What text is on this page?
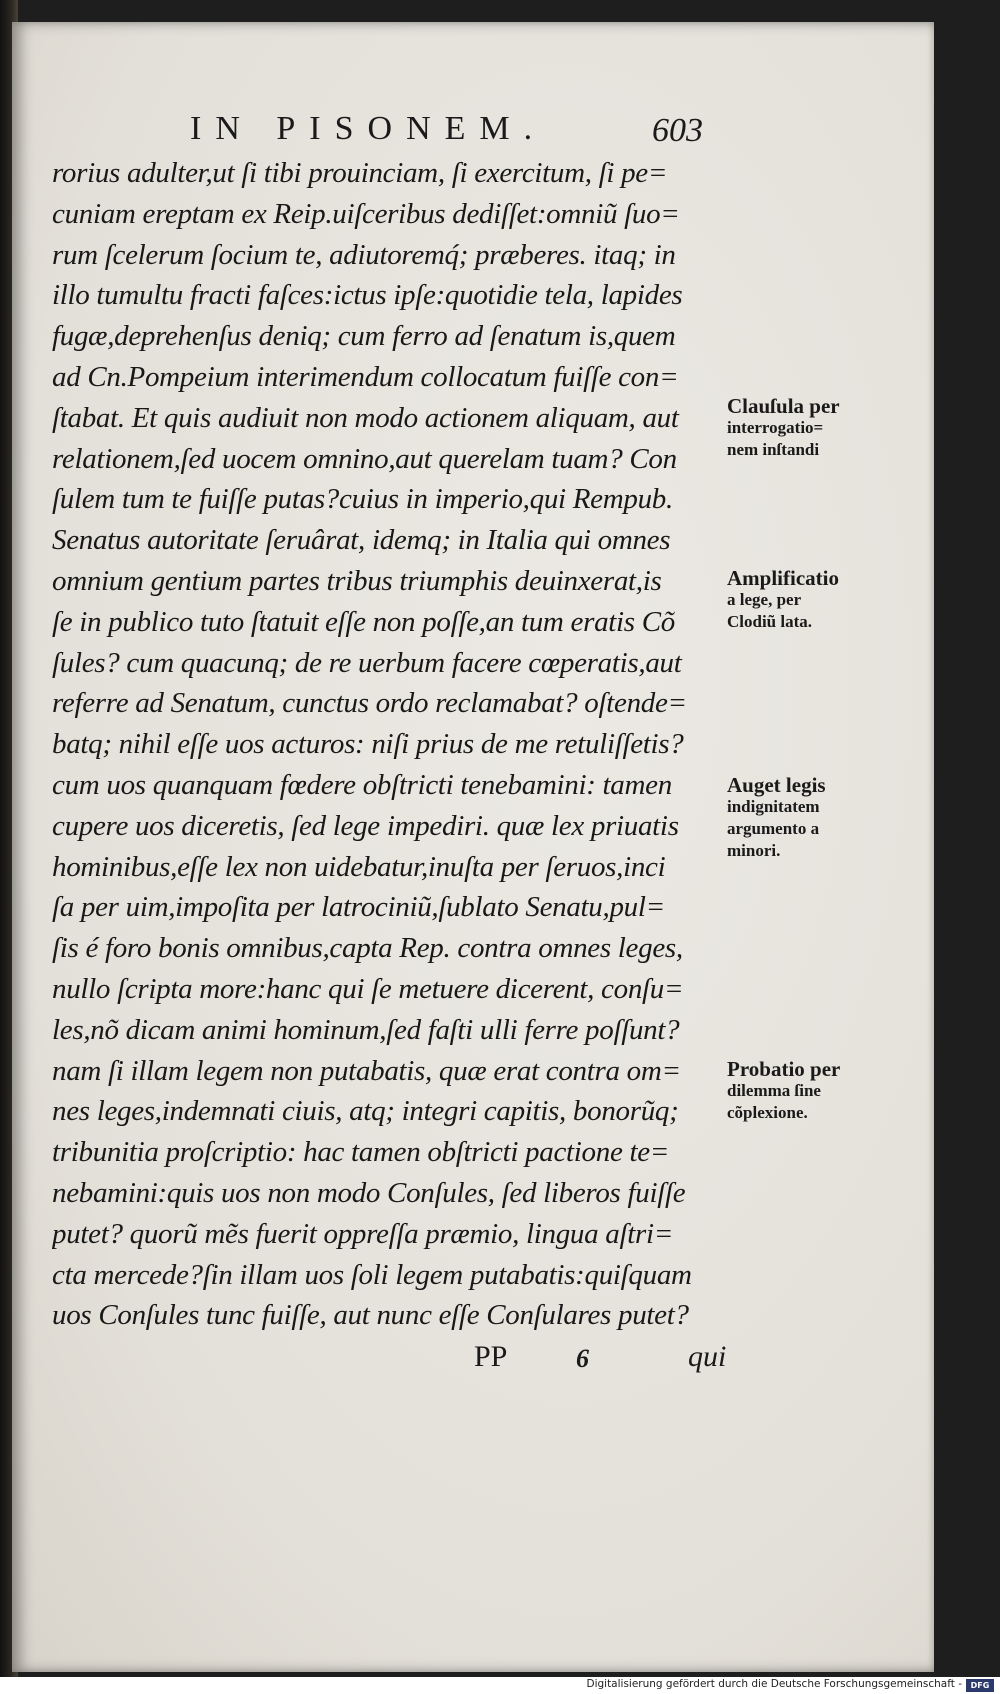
IN PISONEM.	603
rorius adulter,ut ſi tibi prouinciam, ſi exercitum, ſi pe=
cuniam ereptam ex Reip.uiſceribus dediſſet:omniũ ſuo=
rum ſcelerum ſocium te, adiutoremq́; præberes. itaq; in
illo tumultu fracti faſces:ictus ipſe:quotidie tela, lapides
fugæ,deprehenſus deniq; cum ferro ad ſenatum is,quem
ad Cn.Pompeium interimendum collocatum fuiſſe con=
ſtabat. Et quis audiuit non modo actionem aliquam, aut
relationem,ſed uocem omnino,aut querelam tuam? Con
ſulem tum te fuiſſe putas?cuius in imperio,qui Rempub.
Senatus autoritate ſeruârat, idemq; in Italia qui omnes
omnium gentium partes tribus triumphis deuinxerat,is
ſe in publico tuto ſtatuit eſſe non poſſe,an tum eratis Cõ
ſules? cum quacunq; de re uerbum facere cœperatis,aut
referre ad Senatum, cunctus ordo reclamabat? oſtende=
batq; nihil eſſe uos acturos: niſi prius de me retuliſſetis?
cum uos quanquam fœdere obſtricti tenebamini: tamen
cupere uos diceretis, ſed lege impediri. quæ lex priuatis
hominibus,eſſe lex non uidebatur,inuſta per ſeruos,inci
ſa per uim,impoſita per latrociniũ,ſublato Senatu,pul=
ſis é foro bonis omnibus,capta Rep. contra omnes leges,
nullo ſcripta more:hanc qui ſe metuere dicerent, conſu=
les,nõ dicam animi hominum,ſed faſti ulli ferre poſſunt?
nam ſi illam legem non putabatis, quæ erat contra om=
nes leges,indemnati ciuis, atq; integri capitis, bonorũq;
tribunitia proſcriptio: hac tamen obſtricti pactione te=
nebamini:quis uos non modo Conſules, ſed liberos fuiſſe
putet? quorũ mẽs fuerit oppreſſa præmio, lingua aſtri=
cta mercede?ſin illam uos ſoli legem putabatis:quiſquam
uos Conſules tunc fuiſſe, aut nunc eſſe Conſulares putet?
Clauſula per
interrogatio=
nem inſtandi
Amplificatio
a lege, per
Clodiũ lata.
Auget legis
indignitatem
argumento a
minori.
Probatio per
dilemma ſine
cõplexione.
PP	6	qui
Digitalisierung gefördert durch die Deutsche Forschungsgemeinschaft -	DFG
